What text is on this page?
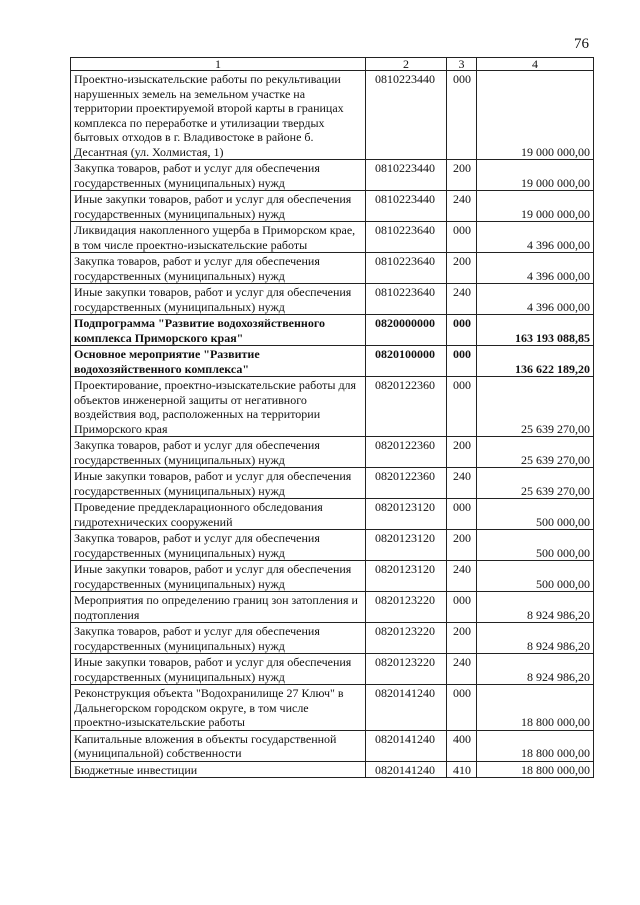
76
1	2	3	4
Проектно-изыскательские работы по рекультивации нарушенных земель на земельном участке на территории проектируемой второй карты в границах комплекса по переработке и утилизации твердых бытовых отходов в г. Владивостоке в районе б. Десантная (ул. Холмистая, 1)	0810223440	000	19 000 000,00
Закупка товаров, работ и услуг для обеспечения государственных (муниципальных) нужд	0810223440	200	19 000 000,00
Иные закупки товаров, работ и услуг для обеспечения государственных (муниципальных) нужд	0810223440	240	19 000 000,00
Ликвидация накопленного ущерба в Приморском крае, в том числе проектно-изыскательские работы	0810223640	000	4 396 000,00
Закупка товаров, работ и услуг для обеспечения государственных (муниципальных) нужд	0810223640	200	4 396 000,00
Иные закупки товаров, работ и услуг для обеспечения государственных (муниципальных) нужд	0810223640	240	4 396 000,00
Подпрограмма "Развитие водохозяйственного комплекса Приморского края"	0820000000	000	163 193 088,85
Основное мероприятие "Развитие водохозяйственного комплекса"	0820100000	000	136 622 189,20
Проектирование, проектно-изыскательские работы для объектов инженерной защиты от негативного воздействия вод, расположенных на территории Приморского края	0820122360	000	25 639 270,00
Закупка товаров, работ и услуг для обеспечения государственных (муниципальных) нужд	0820122360	200	25 639 270,00
Иные закупки товаров, работ и услуг для обеспечения государственных (муниципальных) нужд	0820122360	240	25 639 270,00
Проведение преддекларационного обследования гидротехнических сооружений	0820123120	000	500 000,00
Закупка товаров, работ и услуг для обеспечения государственных (муниципальных) нужд	0820123120	200	500 000,00
Иные закупки товаров, работ и услуг для обеспечения государственных (муниципальных) нужд	0820123120	240	500 000,00
Мероприятия по определению границ зон затопления и подтопления	0820123220	000	8 924 986,20
Закупка товаров, работ и услуг для обеспечения государственных (муниципальных) нужд	0820123220	200	8 924 986,20
Иные закупки товаров, работ и услуг для обеспечения государственных (муниципальных) нужд	0820123220	240	8 924 986,20
Реконструкция объекта "Водохранилище 27 Ключ" в Дальнегорском городском округе, в том числе проектно-изыскательские работы	0820141240	000	18 800 000,00
Капитальные вложения в объекты государственной (муниципальной) собственности	0820141240	400	18 800 000,00
Бюджетные инвестиции	0820141240	410	18 800 000,00
